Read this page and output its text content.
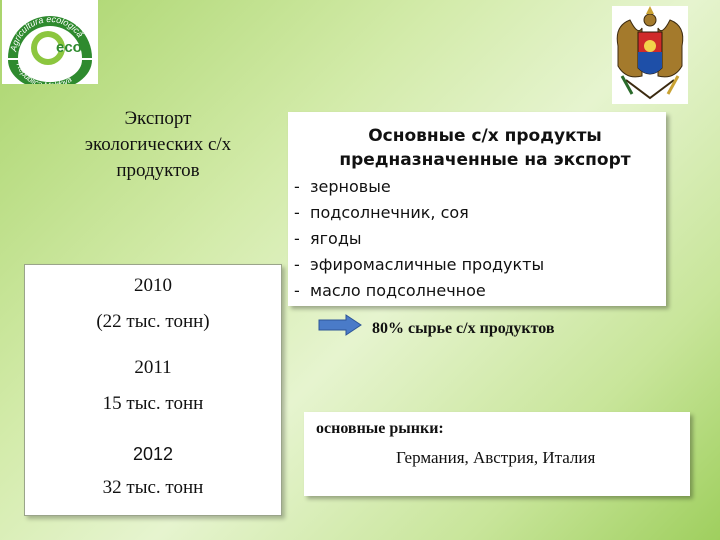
Agricultura ecologică
Republic ova
eco
Экспорт
экологических с/х
продуктов
2010
(22 тыс. тонн)
2011
15 тыс. тонн
2012
32 тыс. тонн
Основные с/х продукты
предназначенные на экспорт
- зерновые
- подсолнечник, соя
- ягоды
- эфиромасличные продукты
- масло подсолнечное
80% сырье с/х продуктов
основные рынки:
Германия, Австрия, Италия
